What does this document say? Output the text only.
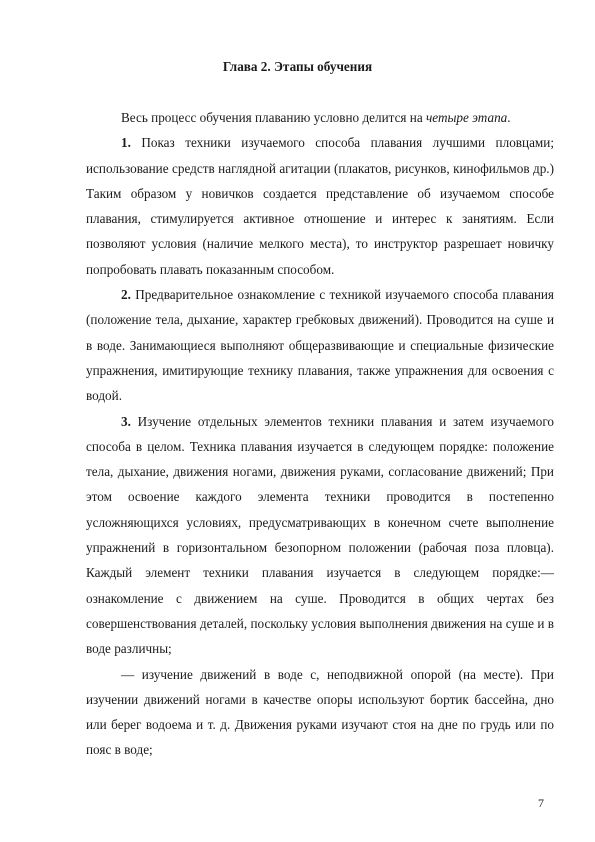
Глава 2. Этапы обучения

Весь процесс обучения плаванию условно делится на четыре этапа.

1. Показ техники изучаемого способа плавания лучшими пловцами; использование средств наглядной агитации (плакатов, рисунков, кинофильмов др.) Таким образом у новичков создается представление об изучаемом способе плавания, стимулируется активное отношение и интерес к занятиям. Если позволяют условия (наличие мелкого места), то инструктор разрешает новичку попробовать плавать показанным способом.

2. Предварительное ознакомление с техникой изучаемого способа плавания (положение тела, дыхание, характер гребковых движений). Проводится на суше и в воде. Занимающиеся выполняют общеразвивающие и специальные физические упражнения, имитирующие технику плавания, также упражнения для освоения с водой.

3. Изучение отдельных элементов техники плавания и затем изучаемого способа в целом. Техника плавания изучается в следующем порядке: положение тела, дыхание, движения ногами, движения руками, согласование движений; При этом освоение каждого элемента техники проводится в постепенно усложняющихся условиях, предусматривающих в конечном счете выполнение упражнений в горизонтальном безопорном положении (рабочая поза пловца). Каждый элемент техники плавания изучается в следующем порядке:— ознакомление с движением на суше. Проводится в общих чертах без совершенствования деталей, поскольку условия выполнения движения на суше и в воде различны;

— изучение движений в воде с, неподвижной опорой (на месте). При изучении движений ногами в качестве опоры используют бортик бассейна, дно или берег водоема и т. д. Движения руками изучают стоя на дне по грудь или по пояс в воде;

7
